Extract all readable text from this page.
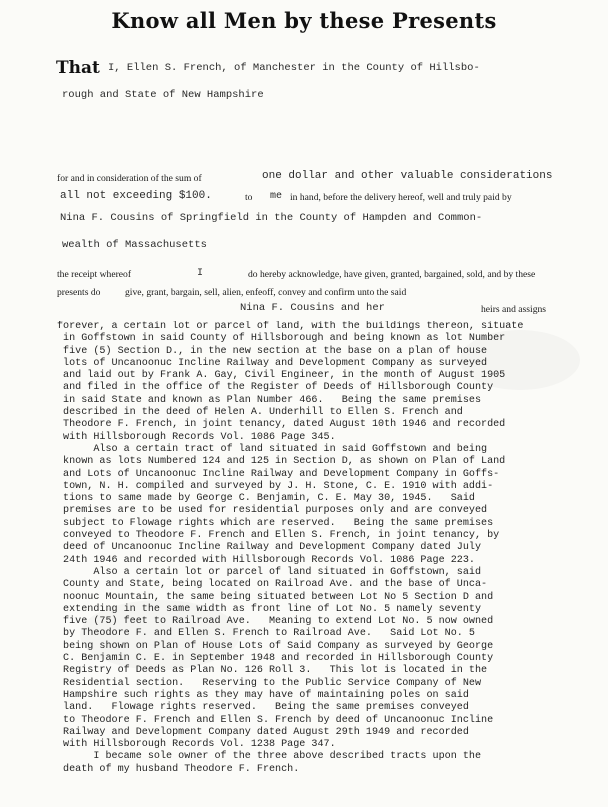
Know all Men by these Presents
That I, Ellen S. French, of Manchester in the County of Hillsbo-
rough and State of New Hampshire
for and in consideration of the sum of	one dollar and other valuable considerations
all not exceeding $100.	to me in hand, before the delivery hereof, well and truly paid by
Nina F. Cousins of Springfield in the County of Hampden and Common-
wealth of Massachusetts
the receipt whereof	I	do hereby acknowledge, have given, granted, bargained, sold, and by these
presents do	give, grant, bargain, sell, alien, enfeoff, convey and confirm unto the said
Nina F. Cousins and her	heirs and assigns
forever, a certain lot or parcel of land, with the buildings thereon, situate
in Goffstown in said County of Hillsborough and being known as lot Number
five (5) Section D., in the new section at the base on a plan of house
lots of Uncanoonuc Incline Railway and Development Company as surveyed
and laid out by Frank A. Gay, Civil Engineer, in the month of August 1905
and filed in the office of the Register of Deeds of Hillsborough County
in said State and known as Plan Number 466.   Being the same premises
described in the deed of Helen A. Underhill to Ellen S. French and
Theodore F. French, in joint tenancy, dated August 10th 1946 and recorded
with Hillsborough Records Vol. 1086 Page 345.
Also a certain tract of land situated in said Goffstown and being
known as lots Numbered 124 and 125 in Section D, as shown on Plan of Land
and Lots of Uncanoonuc Incline Railway and Development Company in Goffs-
town, N. H. compiled and surveyed by J. H. Stone, C. E. 1910 with addi-
tions to same made by George C. Benjamin, C. E. May 30, 1945.   Said
premises are to be used for residential purposes only and are conveyed
subject to Flowage rights which are reserved.   Being the same premises
conveyed to Theodore F. French and Ellen S. French, in joint tenancy, by
deed of Uncanoonuc Incline Railway and Development Company dated July
24th 1946 and recorded with Hillsborough Records Vol. 1086 Page 223.
Also a certain lot or parcel of land situated in Goffstown, said
County and State, being located on Railroad Ave. and the base of Unca-
noonuc Mountain, the same being situated between Lot No 5 Section D and
extending in the same width as front line of Lot No. 5 namely seventy
five (75) feet to Railroad Ave.   Meaning to extend Lot No. 5 now owned
by Theodore F. and Ellen S. French to Railroad Ave.   Said Lot No. 5
being shown on Plan of House Lots of Said Company as surveyed by George
C. Benjamin C. E. in September 1948 and recorded in Hillsborough County
Registry of Deeds as Plan No. 126 Roll 3.   This lot is located in the
Residential section.   Reserving to the Public Service Company of New
Hampshire such rights as they may have of maintaining poles on said
land.   Flowage rights reserved.   Being the same premises conveyed
to Theodore F. French and Ellen S. French by deed of Uncanoonuc Incline
Railway and Development Company dated August 29th 1949 and recorded
with Hillsborough Records Vol. 1238 Page 347.
I became sole owner of the three above described tracts upon the
death of my husband Theodore F. French.
